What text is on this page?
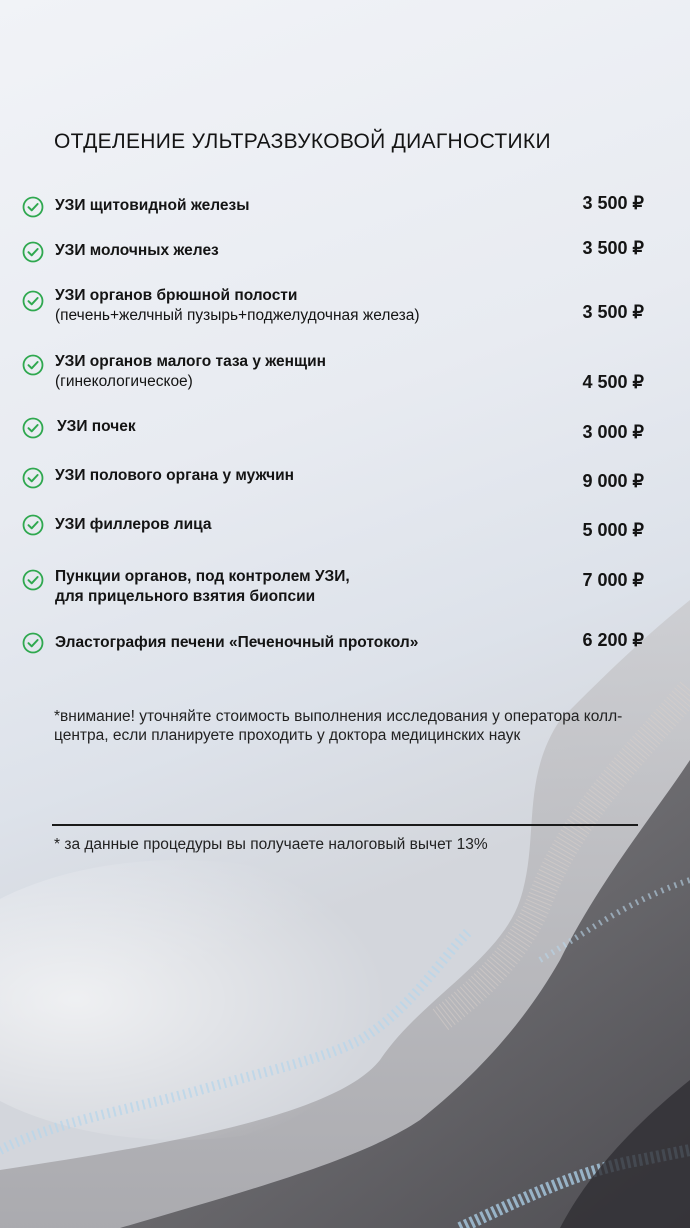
ОТДЕЛЕНИЕ УЛЬТРАЗВУКОВОЙ ДИАГНОСТИКИ
УЗИ щитовидной железы	3 500 ₽
УЗИ молочных желез	3 500 ₽
УЗИ органов брюшной полости
(печень+желчный пузырь+поджелудочная железа)	3 500 ₽
УЗИ органов малого таза у женщин
(гинекологическое)	4 500 ₽
УЗИ почек	3 000 ₽
УЗИ полового органа у мужчин	9 000 ₽
УЗИ филлеров лица	5 000 ₽
Пункции органов, под контролем УЗИ,
для прицельного взятия биопсии
7 000 ₽
Эластография печени «Печеночный протокол»	6 200 ₽
*внимание! уточняйте стоимость выполнения исследования у оператора колл-центра, если планируете проходить у доктора медицинских наук
* за данные процедуры вы получаете налоговый вычет 13%
